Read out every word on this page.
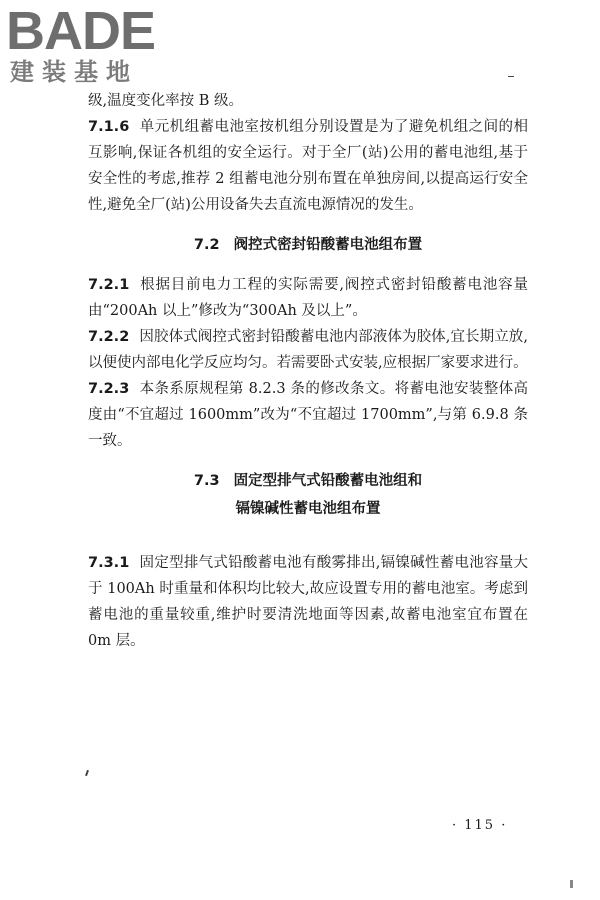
BADE
建装基地

级,温度变化率按 B 级。

7.1.6 单元机组蓄电池室按机组分别设置是为了避免机组之间的相互影响,保证各机组的安全运行。对于全厂(站)公用的蓄电池组,基于安全性的考虑,推荐 2 组蓄电池分别布置在单独房间,以提高运行安全性,避免全厂(站)公用设备失去直流电源情况的发生。

7.2 阀控式密封铅酸蓄电池组布置

7.2.1 根据目前电力工程的实际需要,阀控式密封铅酸蓄电池容量由“200Ah 以上”修改为“300Ah 及以上”。

7.2.2 因胶体式阀控式密封铅酸蓄电池内部液体为胶体,宜长期立放,以便使内部电化学反应均匀。若需要卧式安装,应根据厂家要求进行。

7.2.3 本条系原规程第 8.2.3 条的修改条文。将蓄电池安装整体高度由“不宜超过 1600mm”改为“不宜超过 1700mm”,与第 6.9.8 条一致。

7.3 固定型排气式铅酸蓄电池组和
镉镍碱性蓄电池组布置

7.3.1 固定型排气式铅酸蓄电池有酸雾排出,镉镍碱性蓄电池容量大于 100Ah 时重量和体积均比较大,故应设置专用的蓄电池室。考虑到蓄电池的重量较重,维护时要清洗地面等因素,故蓄电池室宜布置在 0m 层。

· 115 ·
